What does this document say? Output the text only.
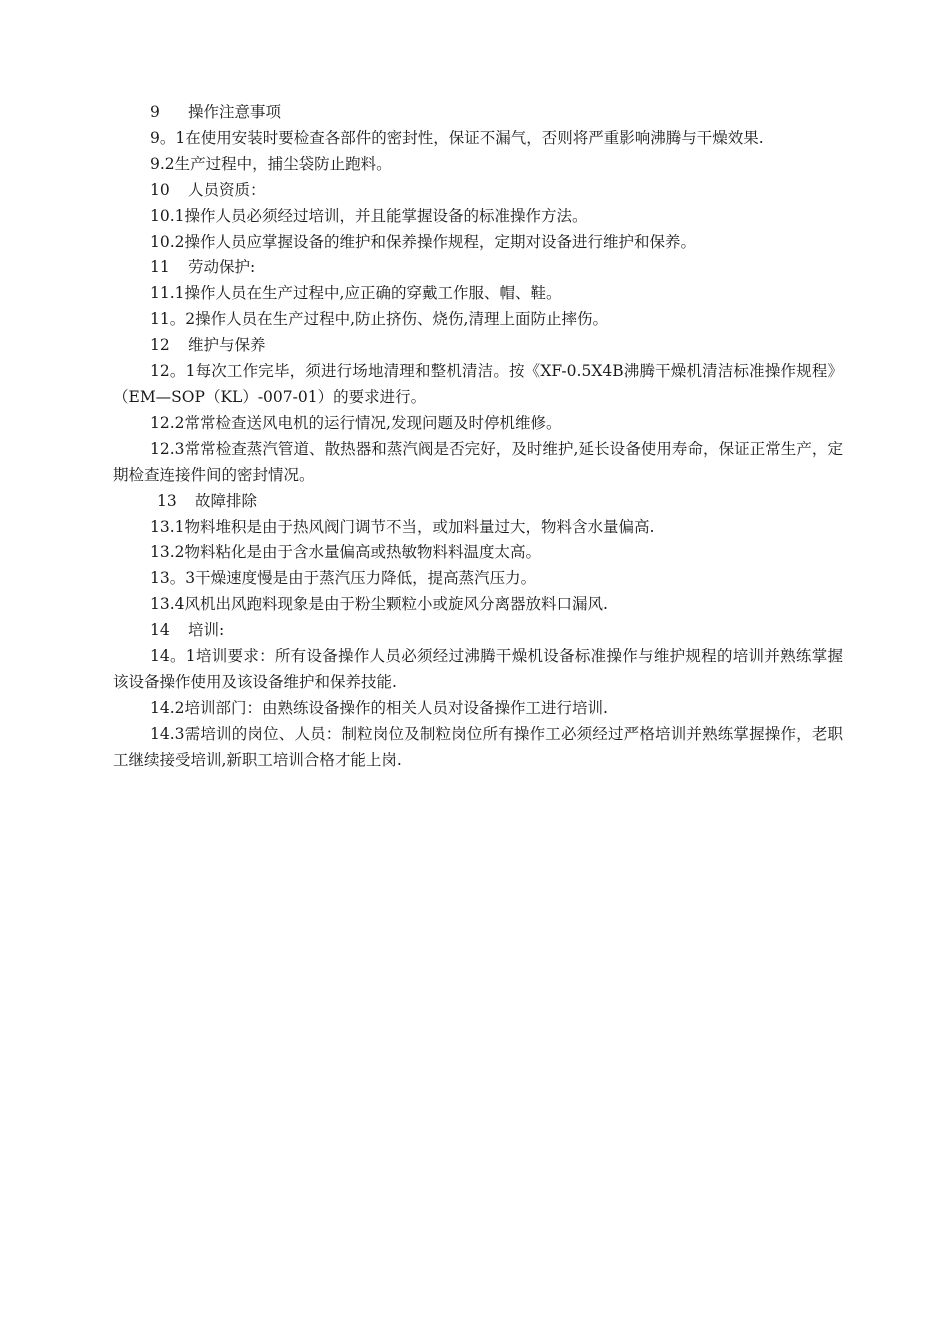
9 操作注意事项

9。1在使用安装时要检查各部件的密封性，保证不漏气，否则将严重影响沸腾与干燥效果.

9.2生产过程中，捕尘袋防止跑料。

10 人员资质：

10.1操作人员必须经过培训，并且能掌握设备的标准操作方法。

10.2操作人员应掌握设备的维护和保养操作规程，定期对设备进行维护和保养。

11 劳动保护:

11.1操作人员在生产过程中,应正确的穿戴工作服、帽、鞋。

11。2操作人员在生产过程中,防止挤伤、烧伤,清理上面防止摔伤。

12 维护与保养

12。1每次工作完毕，须进行场地清理和整机清洁。按《XF-0.5X4B沸腾干燥机清洁标准操作规程》（EM—SOP（KL）-007-01）的要求进行。

12.2常常检查送风电机的运行情况,发现问题及时停机维修。

12.3常常检查蒸汽管道、散热器和蒸汽阀是否完好，及时维护,延长设备使用寿命，保证正常生产，定期检查连接件间的密封情况。

13 故障排除

13.1物料堆积是由于热风阀门调节不当，或加料量过大，物料含水量偏高.

13.2物料粘化是由于含水量偏高或热敏物料料温度太高。

13。3干燥速度慢是由于蒸汽压力降低，提高蒸汽压力。

13.4风机出风跑料现象是由于粉尘颗粒小或旋风分离器放料口漏风.

14 培训:

14。1培训要求：所有设备操作人员必须经过沸腾干燥机设备标准操作与维护规程的培训并熟练掌握该设备操作使用及该设备维护和保养技能.

14.2培训部门：由熟练设备操作的相关人员对设备操作工进行培训.

14.3需培训的岗位、人员：制粒岗位及制粒岗位所有操作工必须经过严格培训并熟练掌握操作，老职工继续接受培训,新职工培训合格才能上岗.
